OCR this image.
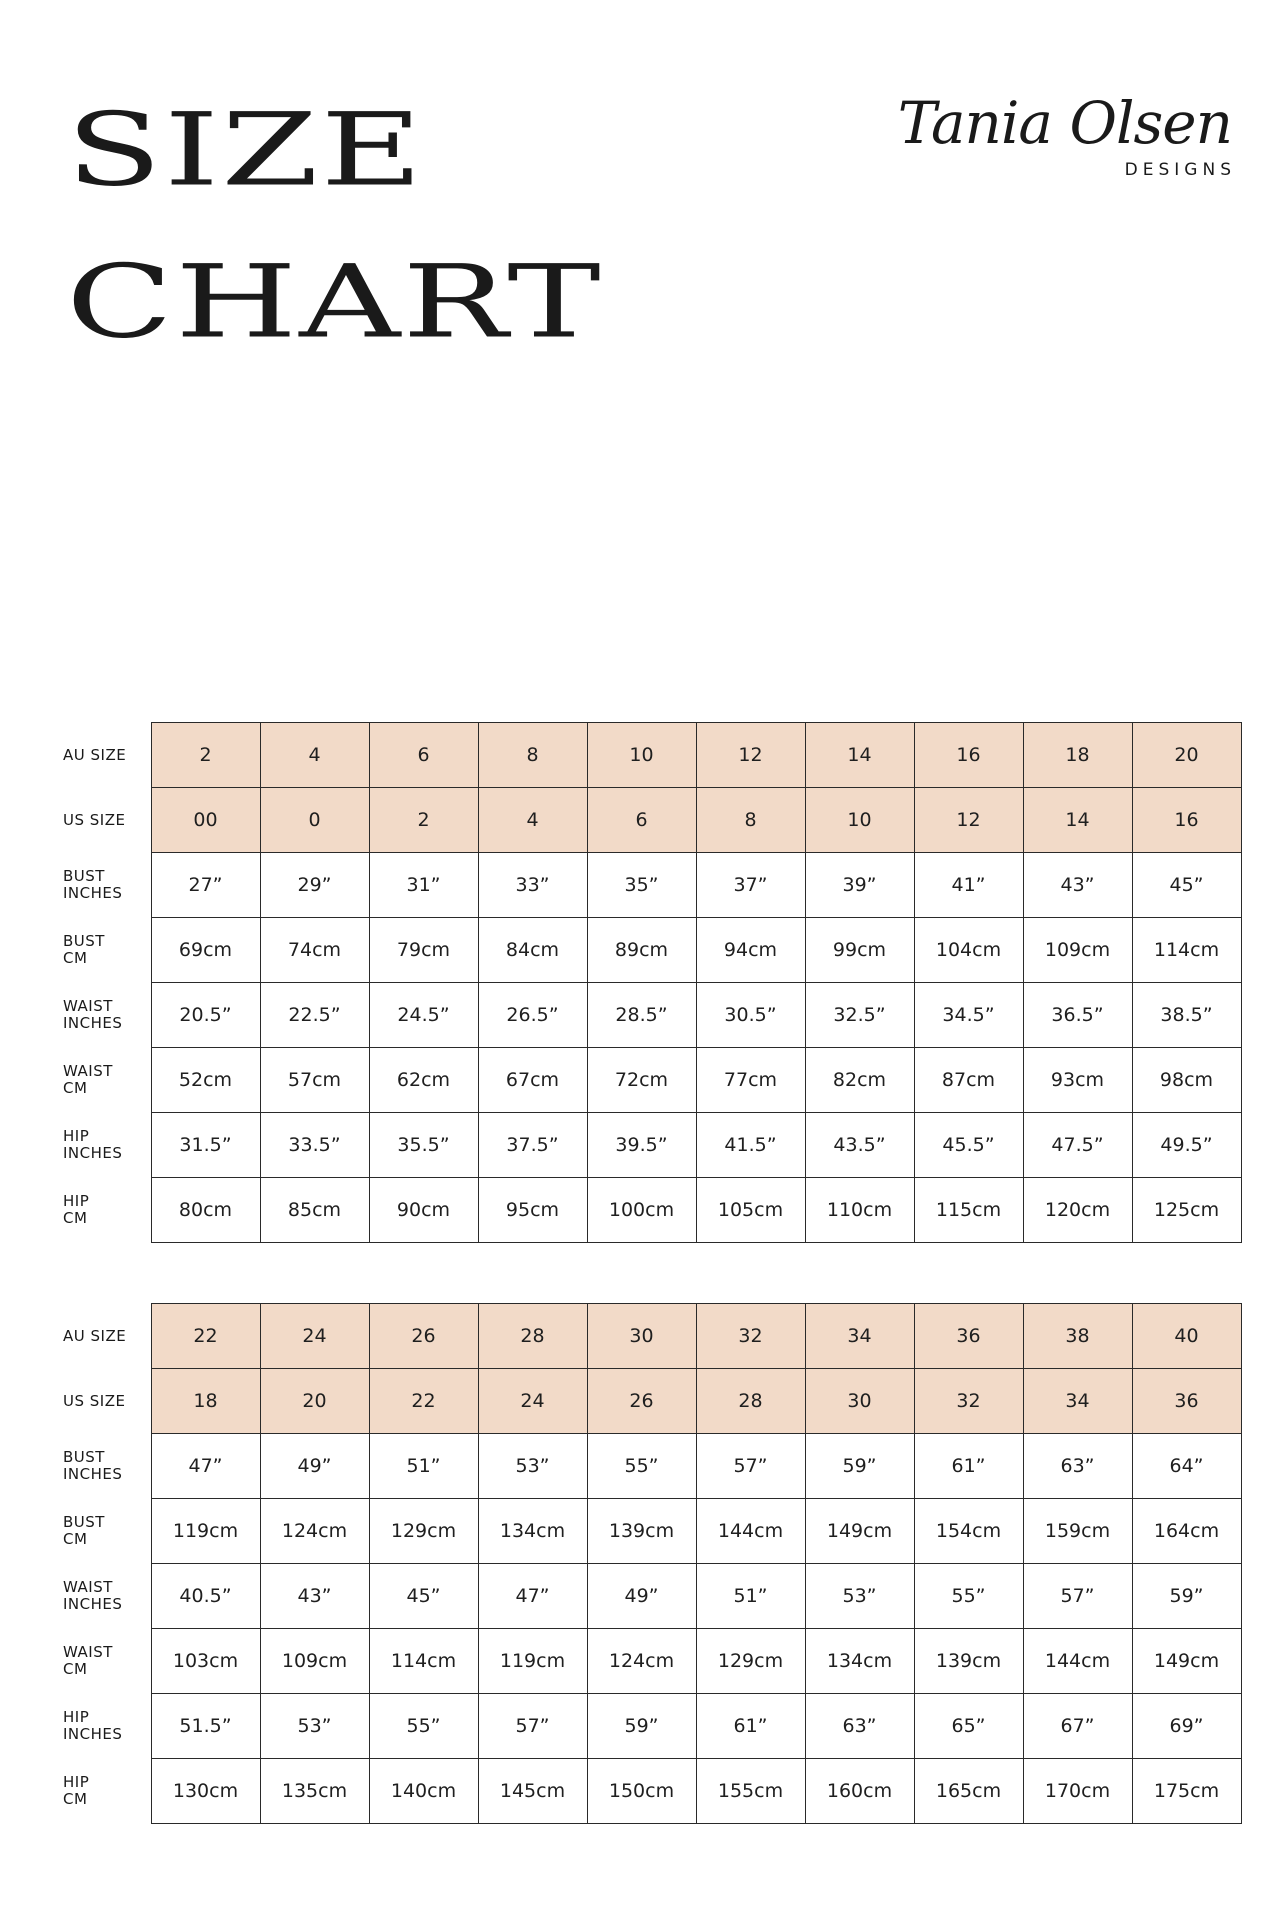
SIZE
CHART
Tania Olsen
DESIGNS
AU SIZE	2	4	6	8	10	12	14	16	18	20

US SIZE	00	0	2	4	6	8	10	12	14	16

BUST
INCHES	27”	29”	31”	33”	35”	37”	39”	41”	43”	45”

BUST
CM	69cm	74cm	79cm	84cm	89cm	94cm	99cm	104cm	109cm	114cm

WAIST
INCHES	20.5”	22.5”	24.5”	26.5”	28.5”	30.5”	32.5”	34.5”	36.5”	38.5”

WAIST
CM	52cm	57cm	62cm	67cm	72cm	77cm	82cm	87cm	93cm	98cm

HIP
INCHES	31.5”	33.5”	35.5”	37.5”	39.5”	41.5”	43.5”	45.5”	47.5”	49.5”

HIP
CM	80cm	85cm	90cm	95cm	100cm	105cm	110cm	115cm	120cm	125cm
AU SIZE	22	24	26	28	30	32	34	36	38	40

US SIZE	18	20	22	24	26	28	30	32	34	36

BUST
INCHES	47”	49”	51”	53”	55”	57”	59”	61”	63”	64”

BUST
CM	119cm	124cm	129cm	134cm	139cm	144cm	149cm	154cm	159cm	164cm

WAIST
INCHES	40.5”	43”	45”	47”	49”	51”	53”	55”	57”	59”

WAIST
CM	103cm	109cm	114cm	119cm	124cm	129cm	134cm	139cm	144cm	149cm

HIP
INCHES	51.5”	53”	55”	57”	59”	61”	63”	65”	67”	69”

HIP
CM	130cm	135cm	140cm	145cm	150cm	155cm	160cm	165cm	170cm	175cm
